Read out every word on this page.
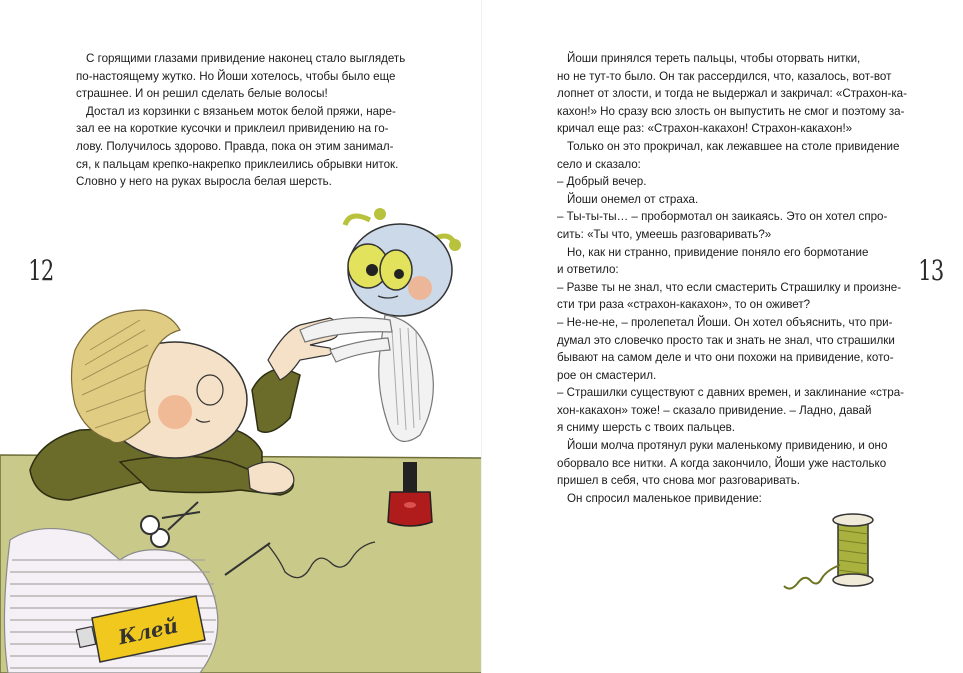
Клей
С горящими глазами привидение наконец стало выглядеть
по-настоящему жутко. Но Йоши хотелось, чтобы было еще
страшнее. И он решил сделать белые волосы!
Достал из корзинки с вязаньем моток белой пряжи, наре-
зал ее на короткие кусочки и приклеил привидению на го-
лову. Получилось здорово. Правда, пока он этим занимал-
ся, к пальцам крепко-накрепко приклеились обрывки ниток.
Словно у него на руках выросла белая шерсть.
12
Йоши принялся тереть пальцы, чтобы оторвать нитки,
но не тут-то было. Он так рассердился, что, казалось, вот-вот
лопнет от злости, и тогда не выдержал и закричал: «Страхон-ка-
кахон!» Но сразу всю злость он выпустить не смог и поэтому за-
кричал еще раз: «Страхон-какахон! Страхон-какахон!»
Только он это прокричал, как лежавшее на столе привидение
село и сказало:
– Добрый вечер.
Йоши онемел от страха.
– Ты-ты-ты… – пробормотал он заикаясь. Это он хотел спро-
сить: «Ты что, умеешь разговаривать?»
Но, как ни странно, привидение поняло его бормотание
и ответило:
– Разве ты не знал, что если смастерить Страшилку и произне-
сти три раза «страхон-какахон», то он оживет?
– Не-не-не, – пролепетал Йоши. Он хотел объяснить, что при-
думал это словечко просто так и знать не знал, что страшилки
бывают на самом деле и что они похожи на привидение, кото-
рое он смастерил.
– Страшилки существуют с давних времен, и заклинание «стра-
хон-какахон» тоже! – сказало привидение. – Ладно, давай
я сниму шерсть с твоих пальцев.
Йоши молча протянул руки маленькому привидению, и оно
оборвало все нитки. А когда закончило, Йоши уже настолько
пришел в себя, что снова мог разговаривать.
Он спросил маленькое привидение:
13
